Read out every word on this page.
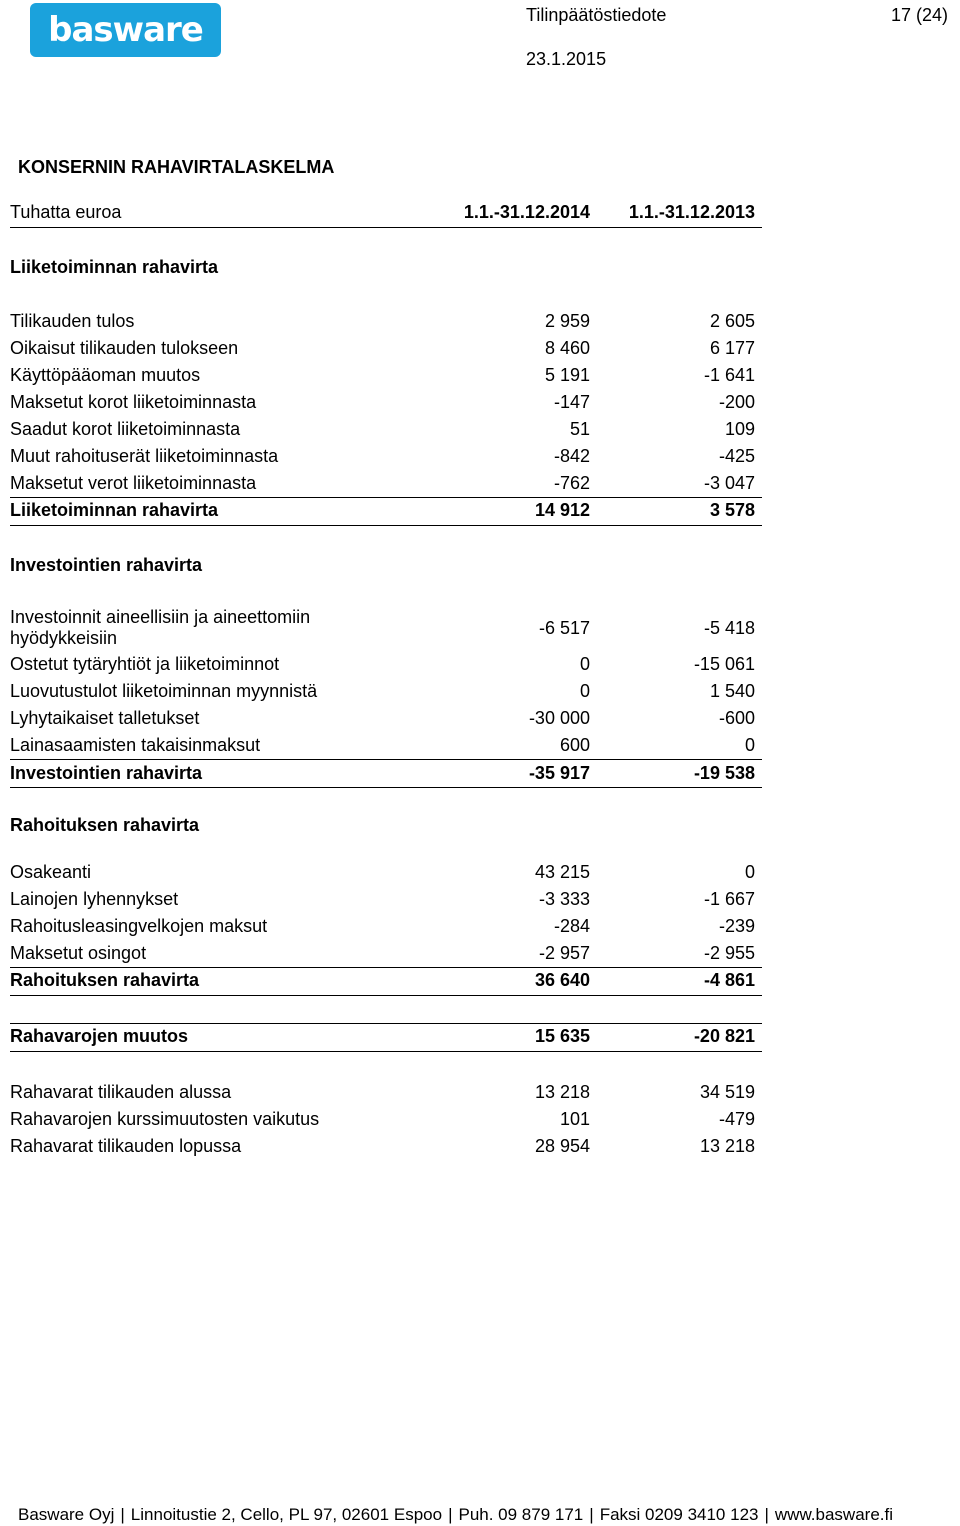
basware	Tilinpäätöstiedote	17 (24)
23.1.2015
KONSERNIN RAHAVIRTALASKELMA
Tuhatta euroa	1.1.-31.12.2014 1.1.-31.12.2013
Liiketoiminnan rahavirta
Tilikauden tulos	2 959	2 605
Oikaisut tilikauden tulokseen	8 460	6 177
Käyttöpääoman muutos	5 191	-1 641
Maksetut korot liiketoiminnasta	-147	-200
Saadut korot liiketoiminnasta	51	109
Muut rahoituserät liiketoiminnasta	-842	-425
Maksetut verot liiketoiminnasta	-762	-3 047
Liiketoiminnan rahavirta	14 912	3 578
Investointien rahavirta
Investoinnit aineellisiin ja aineettomiin
hyödykkeisiin	-6 517	-5 418
Ostetut tytäryhtiöt ja liiketoiminnot	0	-15 061
Luovutustulot liiketoiminnan myynnistä	0	1 540
Lyhytaikaiset talletukset	-30 000	-600
Lainasaamisten takaisinmaksut	600	0
Investointien rahavirta	-35 917	-19 538
Rahoituksen rahavirta
Osakeanti	43 215	0
Lainojen lyhennykset	-3 333	-1 667
Rahoitusleasingvelkojen maksut	-284	-239
Maksetut osingot	-2 957	-2 955
Rahoituksen rahavirta	36 640	-4 861
Rahavarojen muutos	15 635	-20 821
Rahavarat tilikauden alussa	13 218	34 519
Rahavarojen kurssimuutosten vaikutus	101	-479
Rahavarat tilikauden lopussa	28 954	13 218
Basware Oyj | Linnoitustie 2, Cello, PL 97, 02601 Espoo | Puh. 09 879 171 | Faksi 0209 3410 123 | www.basware.fi
